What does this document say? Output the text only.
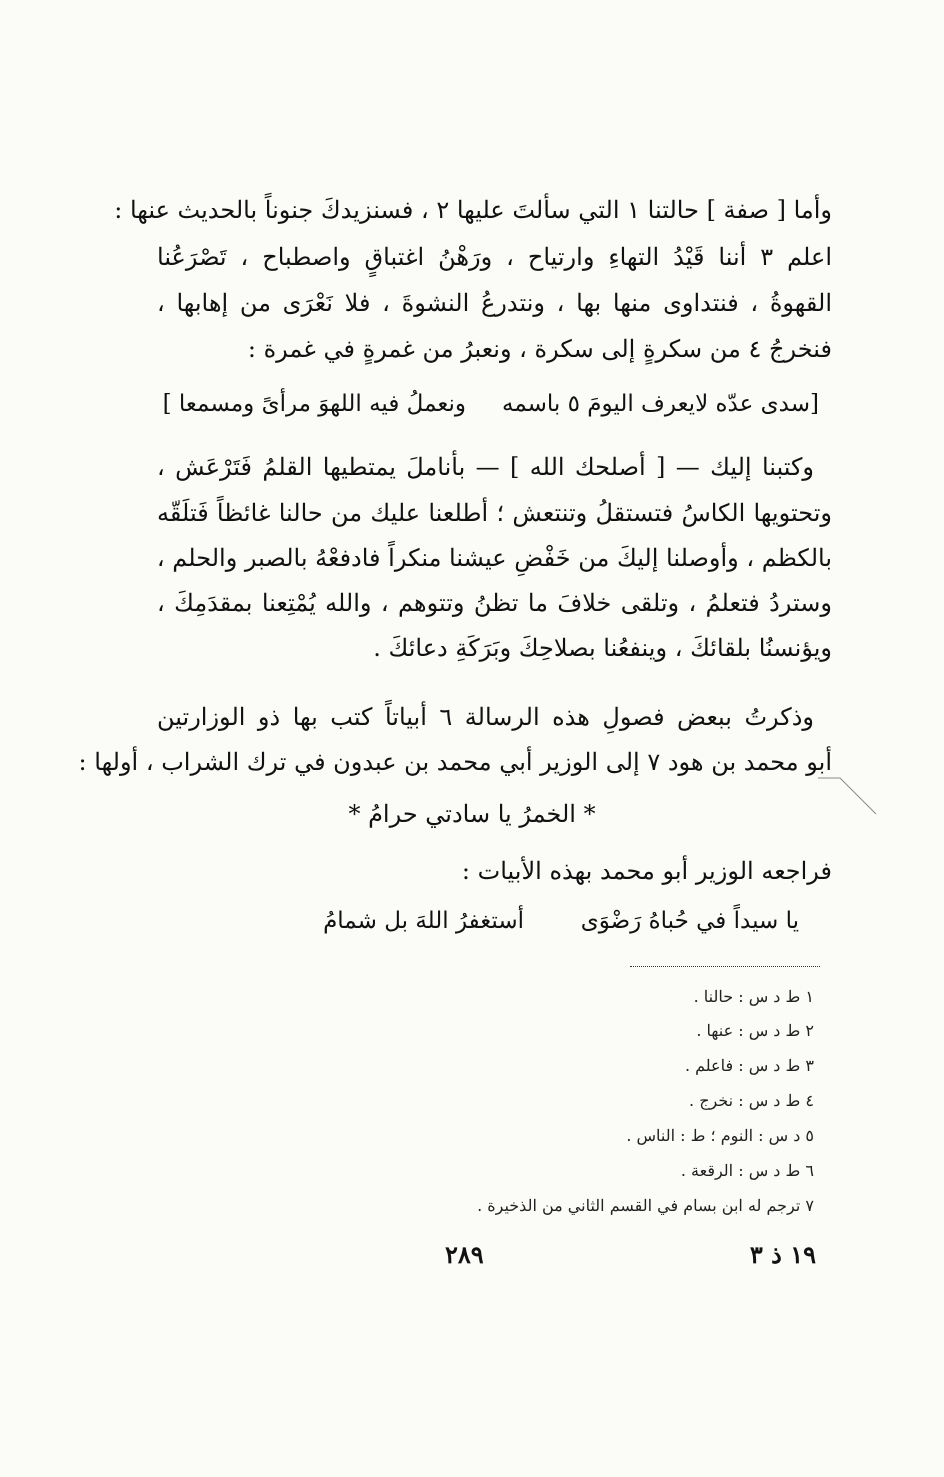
وأما [ صفة ] حالتنا ١ التي سألتَ عليها ٢ ، فسنزيدكَ جنوناً بالحديث عنها :
اعلم ٣ أننا قَيْدُ التهاءِ وارتياح ، ورَهْنُ اغتباقٍ واصطباح ، تَصْرَعُنا
القهوةُ ، فنتداوى منها بها ، ونتدرعُ النشوةَ ، فلا نَعْرَى من إهابها ،
فنخرجُ ٤ من سكرةٍ إلى سكرة ، ونعبرُ من غمرةٍ في غمرة :
[سدى عدّه لايعرف اليومَ ٥ باسمه
ونعملُ فيه اللهوَ مرأىً ومسمعا ]
وكتبنا إليك — [ أصلحك الله ] — بأناملَ يمتطيها القلمُ فَتَرْعَش ،
وتحتويها الكاسُ فتستقلُ وتنتعش ؛ أطلعنا عليك من حالنا غائظاً فَتلَقّه
بالكظم ، وأوصلنا إليكَ من خَفْضِ عيشنا منكراً فادفعْهُ بالصبر والحلم ،
وستردُ فتعلمُ ، وتلقى خلافَ ما تظنُ وتتوهم ، والله يُمْتِعنا بمقدَمِكَ ،
ويؤنسنُا بلقائكَ ، وينفعُنا بصلاحِكَ وبَرَكَةِ دعائكَ .
وذكرتُ ببعض فصولِ هذه الرسالة ٦ أبياتاً كتب بها ذو الوزارتين
أبو محمد بن هود ٧ إلى الوزير أبي محمد بن عبدون في ترك الشراب ، أولها :
* الخمرُ يا سادتي حرامُ *
فراجعه الوزير أبو محمد بهذه الأبيات :
يا سيداً في حُباهُ رَضْوَى
أستغفرُ اللهَ بل شمامُ
١ ط د س : حالنا .
٢ ط د س : عنها .
٣ ط د س : فاعلم .
٤ ط د س : نخرج .
٥ د س : النوم ؛ ط : الناس .
٦ ط د س : الرقعة .
٧ ترجم له ابن بسام في القسم الثاني من الذخيرة .
١٩ ذ ٣
٢٨٩
